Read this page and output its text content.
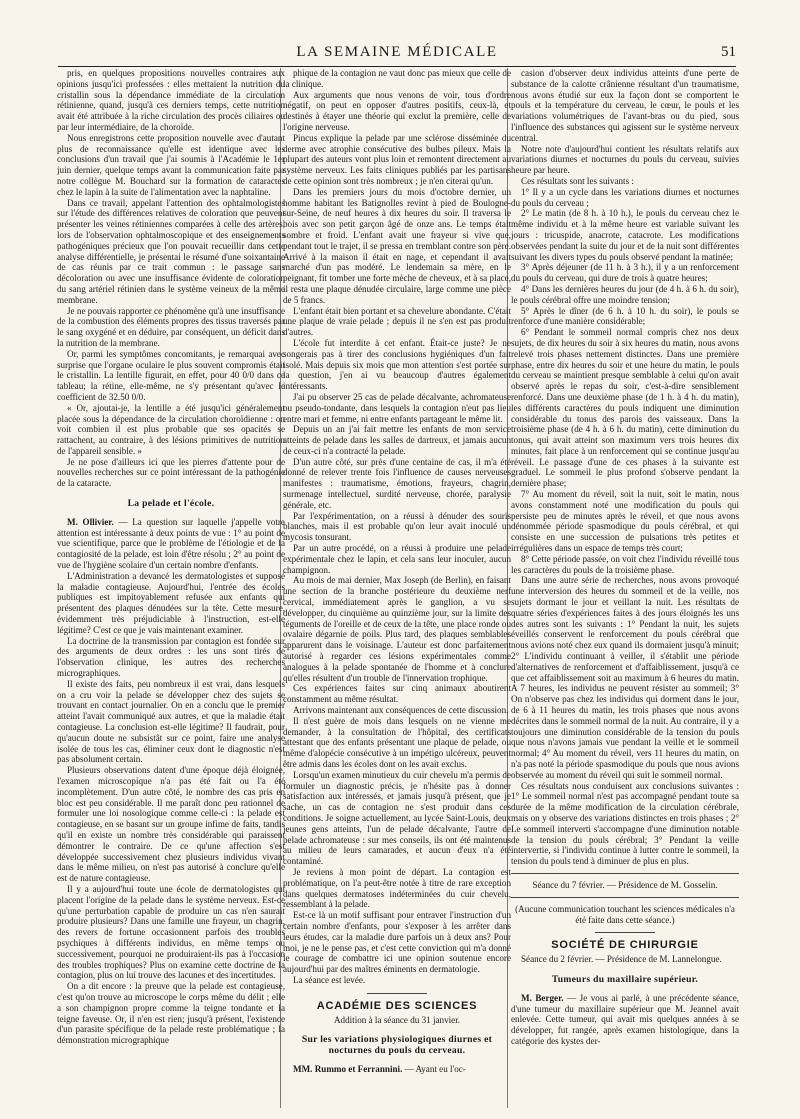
LA SEMAINE MÉDICALE	51

pris, en quelques propositions nouvelles contraires aux opinions jusqu'ici professées : elles mettaient la nutrition du cristallin sous la dépendance immédiate de la circulation rétinienne, quand, jusqu'à ces derniers temps, cette nutrition avait été attribuée à la riche circulation des procès ciliaires ou par leur intermédiaire, de la choroïde.

Nous enregistrons cette proposition nouvelle avec d'autant plus de reconnaissance qu'elle est identique avec les conclusions d'un travail que j'ai soumis à l'Académie le 1er juin dernier, quelque temps avant la communication faite par notre collègue M. Bouchard sur la formation de cataractes chez le lapin à la suite de l'alimentation avec la naphtaline.

Dans ce travail, appelant l'attention des ophtalmologistes sur l'étude des différences relatives de coloration que peuvent présenter les veines rétiniennes comparées à celle des artères, lors de l'observation ophtalmoscopique et des enseignements pathogéniques précieux que l'on pouvait recueillir dans cette analyse différentielle, je présentai le résumé d'une soixantaine de cas réunis par ce trait commun : le passage sans décoloration ou avec une insuffisance évidente de coloration du sang artériel rétinien dans le système veineux de la même membrane.

Je ne pouvais rapporter ce phénomène qu'à une insuffisance de la combustion des éléments propres des tissus traversés par le sang oxygéné et en déduire, par conséquent, un déficit dans la nutrition de la membrane.

Or, parmi les symptômes concomitants, je remarquai avec surprise que l'organe oculaire le plus souvent compromis était le cristallin. La lentille figurait, en effet, pour 40 0/0 dans ce tableau; la rétine, elle-même, ne s'y présentant qu'avec le coefficient de 32.50 0/0.

« Or, ajoutai-je, la lentille a été jusqu'ici généralement placée sous la dépendance de la circulation choroïdienne : on voit combien il est plus probable que ses opacités se rattachent, au contraire, à des lésions primitives de nutrition de l'appareil sensible. »

Je ne pose d'ailleurs ici que les pierres d'attente pour de nouvelles recherches sur ce point intéressant de la pathogénie de la cataracte.

La pelade et l'école.

M. Ollivier. — La question sur laquelle j'appelle votre attention est intéressante à deux points de vue : 1° au point de vue scientifique, parce que le problème de l'étiologie et de la contagiosité de la pelade, est loin d'être résolu ; 2° au point de vue de l'hygiène scolaire d'un certain nombre d'enfants.

L'Administration a devancé les dermatologistes et supposé la maladie contagieuse. Aujourd'hui, l'entrée des écoles publiques est impitoyablement refusée aux enfants qui présentent des plaques dénudées sur la tête. Cette mesure, évidemment très préjudiciable à l'instruction, est-elle légitime? C'est ce que je vais maintenant examiner.

La doctrine de la transmission par contagion est fondée sur des arguments de deux ordres : les uns sont tirés de l'observation clinique, les autres des recherches micrographiques.

Il existe des faits, peu nombreux il est vrai, dans lesquels on a cru voir la pelade se développer chez des sujets se trouvant en contact journalier. On en a conclu que le premier atteint l'avait communiqué aux autres, et que la maladie était contagieuse. La conclusion est-elle légitime? Il faudrait, pour qu'aucun doute ne subsistât sur ce point, faire une analyse isolée de tous les cas, éliminer ceux dont le diagnostic n'est pas absolument certain.

Plusieurs observations datent d'une époque déjà éloignée, l'examen microscopique n'a pas été fait ou l'a été incomplètement. D'un autre côté, le nombre des cas pris en bloc est peu considérable. Il me paraît donc peu rationnel de formuler une loi nosologique comme celle-ci : la pelade est contagieuse, en se basant sur un groupe infime de faits, tandis qu'il en existe un nombre très considérable qui paraissent démontrer le contraire. De ce qu'une affection s'est développée successivement chez plusieurs individus vivant dans le même milieu, on n'est pas autorisé à conclure qu'elle est de nature contagieuse.

Il y a aujourd'hui toute une école de dermatologistes qui placent l'origine de la pelade dans le système nerveux. Est-ce qu'une perturbation capable de produire un cas n'en saurait produire plusieurs? Dans une famille une frayeur, un chagrin, des revers de fortune occasionnent parfois des troubles psychiques à différents individus, en même temps ou successivement, pourquoi ne produiraient-ils pas à l'occasion des troubles trophiques? Plus on examine cette doctrine de la contagion, plus on lui trouve des lacunes et des incertitudes.

On a dit encore : la preuve que la pelade est contagieuse, c'est qu'on trouve au microscope le corps même du délit ; elle a son champignon propre comme la teigne tondante et la teigne faveuse. Or, il n'en est rien; jusqu'à présent, l'existence d'un parasite spécifique de la pelade reste problématique ; la démonstration micrographique

phique de la contagion ne vaut donc pas mieux que celle de la clinique.

Aux arguments que nous venons de voir, tous d'ordre négatif, on peut en opposer d'autres positifs, ceux-là, et destinés à étayer une théorie qui exclut la première, celle de l'origine nerveuse.

Pincus explique la pelade par une sclérose disséminée du derme avec atrophie consécutive des bulbes pileux. Mais la plupart des auteurs vont plus loin et remontent directement au système nerveux. Les faits cliniques publiés par les partisans de cette opinion sont très nombreux ; je n'en citerai qu'un.

Dans les premiers jours du mois d'octobre dernier, un homme habitant les Batignolles revint à pied de Boulogne-sur-Seine, de neuf heures à dix heures du soir. Il traversa le bois avec son petit garçon âgé de onze ans. Le temps était sombre et froid. L'enfant avait une frayeur si vive que, pendant tout le trajet, il se pressa en tremblant contre son père. Arrivé à la maison il était en nage, et cependant il avait marché d'un pas modéré. Le lendemain sa mère, en le peignant, fit tomber une forte mèche de cheveux, et à sa place, il resta une plaque dénudée circulaire, large comme une pièce de 5 francs.

L'enfant était bien portant et sa chevelure abondante. C'était une plaque de vraie pelade ; depuis il ne s'en est pas produit d'autres.

L'école fut interdite à cet enfant. Était-ce juste? Je ne songerais pas à tirer des conclusions hygiéniques d'un fait isolé. Mais depuis six mois que mon attention s'est portée sur la question, j'en ai vu beaucoup d'autres également intéressants.

J'ai pu observer 25 cas de pelade décalvante, achromateuse ou pseudo-tondante, dans lesquels la contagion n'eut pas lieu entre mari et femme, ni entre enfants partageant le même lit.

Depuis un an j'ai fait mettre les enfants de mon service atteints de pelade dans les salles de dartreux, et jamais aucun de ceux-ci n'a contracté la pelade.

D'un autre côté, sur près d'une centaine de cas, il m'a été donné de relever trente fois l'influence de causes nerveuses manifestes : traumatisme, émotions, frayeurs, chagrin, surmenage intellectuel, surdité nerveuse, chorée, paralysie générale, etc.

Par l'expérimentation, on a réussi à dénuder des souris blanches, mais il est probable qu'on leur avait inoculé un mycosis tonsurant.

Par un autre procédé, on a réussi à produire une pelade expérimentale chez le lapin, et cela sans leur inoculer, aucun champignon.

Au mois de mai dernier, Max Joseph (de Berlin), en faisant une section de la branche postérieure du deuxième nerf cervical, immédiatement après le ganglion, a vu se développer, du cinquième au quinzième jour, sur la limite des téguments de l'oreille et de ceux de la tête, une place ronde ou ovalaire dégarnie de poils. Plus tard, des plaques semblables apparurent dans le voisinage. L'auteur est donc parfaitement autorisé à regarder ces lésions expérimentales comme analogues à la pelade spontanée de l'homme et à conclure qu'elles résultent d'un trouble de l'innervation trophique.

Ces expériences faites sur cinq animaux aboutirent constamment au même résultat.

Arrivons maintenant aux conséquences de cette discussion.

Il n'est guère de mois dans lesquels on ne vienne me demander, à la consultation de l'hôpital, des certificats attestant que des enfants présentant une plaque de pelade, ou même d'alopécie consécutive à un impétigo ulcéreux, peuvent être admis dans les écoles dont on les avait exclus.

Lorsqu'un examen minutieux du cuir chevelu m'a permis de formuler un diagnostic précis, je n'hésite pas à donner satisfaction aux intéressés, et jamais jusqu'à présent, que je sache, un cas de contagion ne s'est produit dans ces conditions. Je soigne actuellement, au lycée Saint-Louis, deux jeunes gens atteints, l'un de pelade décalvante, l'autre de pelade achromateuse : sur mes conseils, ils ont été maintenus au milieu de leurs camarades, et aucun d'eux n'a été contaminé.

Je reviens à mon point de départ. La contagion est problématique, on l'a peut-être notée à titre de rare exception dans quelques dermatoses indéterminées du cuir chevelu, ressemblant à la pelade.

Est-ce là un motif suffisant pour entraver l'instruction d'un certain nombre d'enfants, pour s'exposer à les arrêter dans leurs études, car la maladie dure parfois un à deux ans? Pour moi, je ne le pense pas, et c'est cette conviction qui m'a donné le courage de combattre ici une opinion soutenue encore aujourd'hui par des maîtres éminents en dermatologie.

La séance est levée.

ACADÉMIE DES SCIENCES

Addition à la séance du 31 janvier.

Sur les variations physiologiques diurnes et nocturnes du pouls du cerveau.

MM. Rummo et Ferrannini. — Ayant eu l'oc-

casion d'observer deux individus atteints d'une perte de substance de la calotte crânienne résultant d'un traumatisme, nous avons étudié sur eux la façon dont se comportent le pouls et la température du cerveau, le cœur, le pouls et les variations volumétriques de l'avant-bras ou du pied, sous l'influence des substances qui agissent sur le système nerveux central.

Notre note d'aujourd'hui contient les résultats relatifs aux variations diurnes et nocturnes du pouls du cerveau, suivies heure par heure.

Ces résultats sont les suivants :

1° Il y a un cycle dans les variations diurnes et nocturnes du pouls du cerveau ;

2° Le matin (de 8 h. à 10 h.), le pouls du cerveau chez le même individu et à la même heure est variable suivant les jours : tricuspide, anacrote, catacrote. Les modifications observées pendant la suite du jour et de la nuit sont différentes suivant les divers types du pouls observé pendant la matinée;

3° Après déjeuner (de 11 h. à 3 h.), il y a un renforcement du pouls du cerveau, qui dure de trois à quatre heures;

4° Dans les dernières heures du jour (de 4 h. à 6 h. du soir), le pouls cérébral offre une moindre tension;

5° Après le dîner (de 6 h. à 10 h. du soir), le pouls se renforce d'une manière considérable;

6° Pendant le sommeil normal compris chez nos deux sujets, de dix heures du soir à six heures du matin, nous avons relevé trois phases nettement distinctes. Dans une première phase, entre dix heures du soir et une heure du matin, le pouls du cerveau se maintient presque semblable à celui qu'on avait observé après le repas du soir, c'est-à-dire sensiblement renforcé. Dans une deuxième phase (de 1 h. à 4 h. du matin), les différents caractères du pouls indiquent une diminution considérable du tonus des parois des vaisseaux. Dans la troisième phase (de 4 h. à 6 h. du matin), cette diminution du tonus, qui avait atteint son maximum vers trois heures dix minutes, fait place à un renforcement qui se continue jusqu'au réveil. Le passage d'une de ces phases à la suivante est graduel. Le sommeil le plus profond s'observe pendant la dernière phase;

7° Au moment du réveil, soit la nuit, soit le matin, nous avons constamment noté une modification du pouls qui persiste peu de minutes après le réveil, et que nous avons dénommée période spasmodique du pouls cérébral, et qui consiste en une succession de pulsations très petites et irrégulières dans un espace de temps très court;

8° Cette période passée, on voit chez l'individu réveillé tous les caractères du pouls de la troisième phase.

Dans une autre série de recherches, nous avons provoqué une interversion des heures du sommeil et de la veille, nos sujets dormant le jour et veillant la nuit. Les résultats de quatre séries d'expériences faites à des jours éloignés les uns des autres sont les suivants : 1° Pendant la nuit, les sujets éveillés conservent le renforcement du pouls cérébral que nous avions noté chez eux quand ils dormaient jusqu'à minuit; 2° L'individu continuant à veiller, il s'établit une période d'alternatives de renforcement et d'affaiblissement, jusqu'à ce que cet affaiblissement soit au maximum à 6 heures du matin. A 7 heures, les individus ne peuvent résister au sommeil; 3° On n'observe pas chez les individus qui dorment dans le jour, de 6 à 11 heures du matin, les trois phases que nous avons décrites dans le sommeil normal de la nuit. Au contraire, il y a toujours une diminution considérable de la tension du pouls que nous n'avons jamais vue pendant la veille et le sommeil normal; 4° Au moment du réveil, vers 11 heures du matin, on n'a pas noté la période spasmodique du pouls que nous avions observée au moment du réveil qui suit le sommeil normal.

Ces résultats nous conduisent aux conclusions suivantes : 1° Le sommeil normal n'est pas accompagné pendant toute sa durée de la même modification de la circulation cérébrale, mais on y observe des variations distinctes en trois phases ; 2° Le sommeil interverti s'accompagne d'une diminution notable de la tension du pouls cérébral; 3° Pendant la veille intervertie, si l'individu continue à lutter contre le sommeil, la tension du pouls tend à diminuer de plus en plus.

Séance du 7 février. — Présidence de M. Gosselin.

(Aucune communication touchant les sciences médicales n'a été faite dans cette séance.)

SOCIÉTÉ DE CHIRURGIE

Séance du 2 février. — Présidence de M. Lannelongue.

Tumeurs du maxillaire supérieur.

M. Berger. — Je vous ai parlé, à une précédente séance, d'une tumeur du maxillaire supérieur que M. Jeannel avait enlevée. Cette tumeur, qui avait mis quelques années à se développer, fut rangée, après examen histologique, dans la catégorie des kystes der-
